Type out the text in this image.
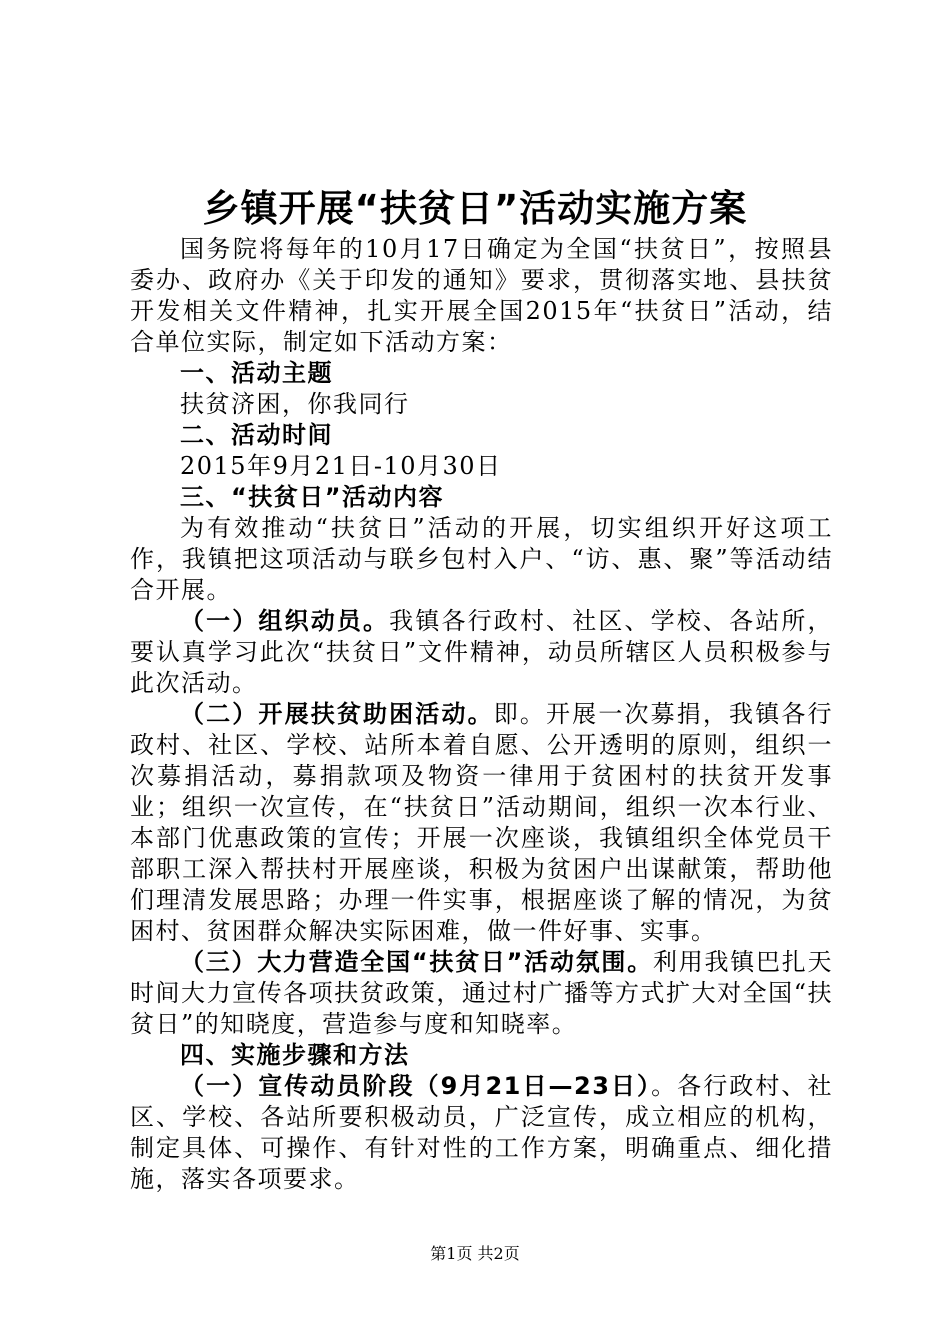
乡镇开展“扶贫日”活动实施方案

国务院将每年的10月17日确定为全国“扶贫日”，按照县委办、政府办《关于印发的通知》要求，贯彻落实地、县扶贫开发相关文件精神，扎实开展全国2015年“扶贫日”活动，结合单位实际，制定如下活动方案：

一、活动主题

扶贫济困，你我同行

二、活动时间

2015年9月21日-10月30日

三、“扶贫日”活动内容

为有效推动“扶贫日”活动的开展，切实组织开好这项工作，我镇把这项活动与联乡包村入户、“访、惠、聚”等活动结合开展。

（一）组织动员。我镇各行政村、社区、学校、各站所，要认真学习此次“扶贫日”文件精神，动员所辖区人员积极参与此次活动。

（二）开展扶贫助困活动。即。开展一次募捐，我镇各行政村、社区、学校、站所本着自愿、公开透明的原则，组织一次募捐活动，募捐款项及物资一律用于贫困村的扶贫开发事业；组织一次宣传，在“扶贫日”活动期间，组织一次本行业、本部门优惠政策的宣传；开展一次座谈，我镇组织全体党员干部职工深入帮扶村开展座谈，积极为贫困户出谋献策，帮助他们理清发展思路；办理一件实事，根据座谈了解的情况，为贫困村、贫困群众解决实际困难，做一件好事、实事。

（三）大力营造全国“扶贫日”活动氛围。利用我镇巴扎天时间大力宣传各项扶贫政策，通过村广播等方式扩大对全国“扶贫日”的知晓度，营造参与度和知晓率。

四、实施步骤和方法

（一）宣传动员阶段（9月21日—23日）。各行政村、社区、学校、各站所要积极动员，广泛宣传，成立相应的机构，制定具体、可操作、有针对性的工作方案，明确重点、细化措施，落实各项要求。

第1页 共2页
